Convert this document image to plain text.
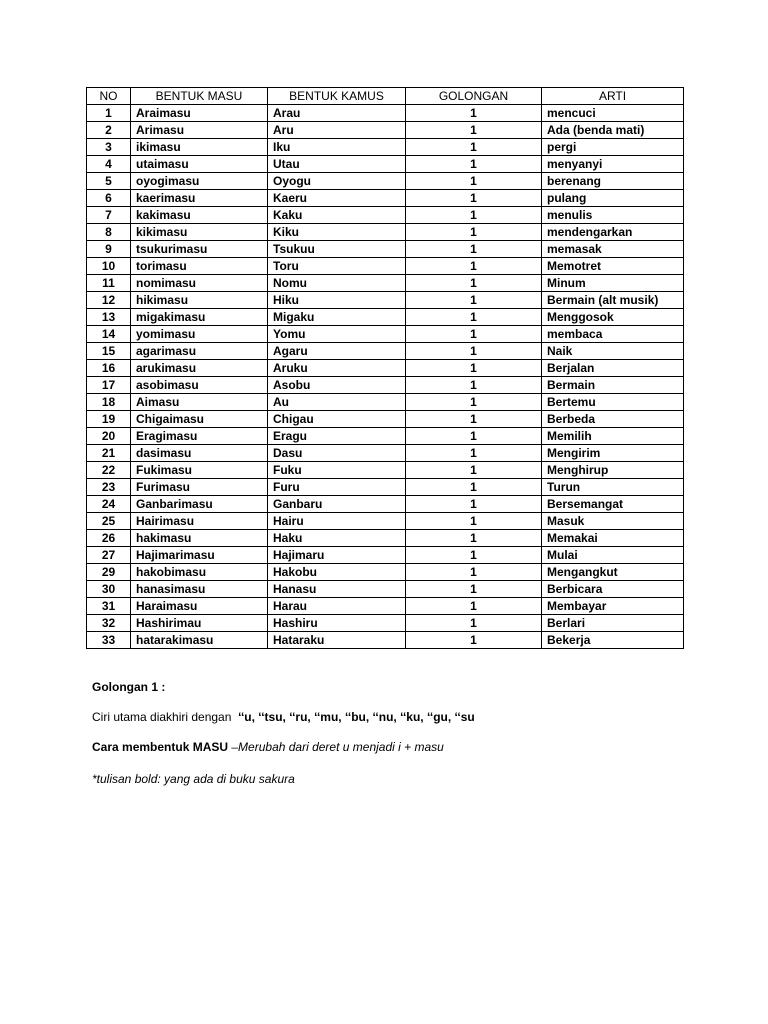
NO	BENTUK MASU	BENTUK KAMUS	GOLONGAN	ARTI
1	Araimasu	Arau	1	mencuci
2	Arimasu	Aru	1	Ada (benda mati)
3	ikimasu	Iku	1	pergi
4	utaimasu	Utau	1	menyanyi
5	oyogimasu	Oyogu	1	berenang
6	kaerimasu	Kaeru	1	pulang
7	kakimasu	Kaku	1	menulis
8	kikimasu	Kiku	1	mendengarkan
9	tsukurimasu	Tsukuu	1	memasak
10	torimasu	Toru	1	Memotret
11	nomimasu	Nomu	1	Minum
12	hikimasu	Hiku	1	Bermain (alt musik)
13	migakimasu	Migaku	1	Menggosok
14	yomimasu	Yomu	1	membaca
15	agarimasu	Agaru	1	Naik
16	arukimasu	Aruku	1	Berjalan
17	asobimasu	Asobu	1	Bermain
18	Aimasu	Au	1	Bertemu
19	Chigaimasu	Chigau	1	Berbeda
20	Eragimasu	Eragu	1	Memilih
21	dasimasu	Dasu	1	Mengirim
22	Fukimasu	Fuku	1	Menghirup
23	Furimasu	Furu	1	Turun
24	Ganbarimasu	Ganbaru	1	Bersemangat
25	Hairimasu	Hairu	1	Masuk
26	hakimasu	Haku	1	Memakai
27	Hajimarimasu	Hajimaru	1	Mulai
29	hakobimasu	Hakobu	1	Mengangkut
30	hanasimasu	Hanasu	1	Berbicara
31	Haraimasu	Harau	1	Membayar
32	Hashirimau	Hashiru	1	Berlari
33	hatarakimasu	Hataraku	1	Bekerja
Golongan 1 :
Ciri utama diakhiri dengan ‘‘u, ‘‘tsu, ‘‘ru, ‘‘mu, ‘‘bu, ‘‘nu, ‘‘ku, ‘‘gu, ‘‘su
Cara membentuk MASU –Merubah dari deret u menjadi i + masu
*tulisan bold: yang ada di buku sakura
